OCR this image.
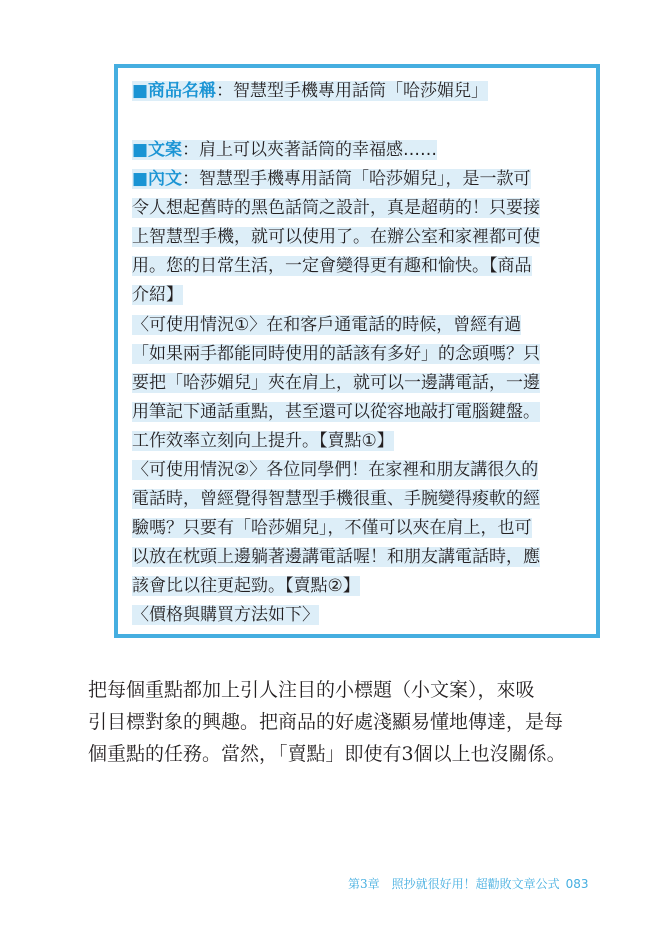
■商品名稱：智慧型手機專用話筒「哈莎媚兒」
■文案：肩上可以夾著話筒的幸福感……
■內文：智慧型手機專用話筒「哈莎媚兒」，是一款可
令人想起舊時的黑色話筒之設計，真是超萌的！只要接
上智慧型手機，就可以使用了。在辦公室和家裡都可使
用。您的日常生活，一定會變得更有趣和愉快。【商品
介紹】
〈可使用情況①〉在和客戶通電話的時候，曾經有過
「如果兩手都能同時使用的話該有多好」的念頭嗎？只
要把「哈莎媚兒」夾在肩上，就可以一邊講電話，一邊
用筆記下通話重點，甚至還可以從容地敲打電腦鍵盤。
工作效率立刻向上提升。【賣點①】
〈可使用情況②〉各位同學們！在家裡和朋友講很久的
電話時，曾經覺得智慧型手機很重、手腕變得痠軟的經
驗嗎？只要有「哈莎媚兒」，不僅可以夾在肩上，也可
以放在枕頭上邊躺著邊講電話喔！和朋友講電話時，應
該會比以往更起勁。【賣點②】
〈價格與購買方法如下〉
把每個重點都加上引人注目的小標題（小文案），來吸
引目標對象的興趣。把商品的好處淺顯易懂地傳達，是每
個重點的任務。當然，「賣點」即使有3個以上也沒關係。
第3章　照抄就很好用！超勸敗文章公式 083
